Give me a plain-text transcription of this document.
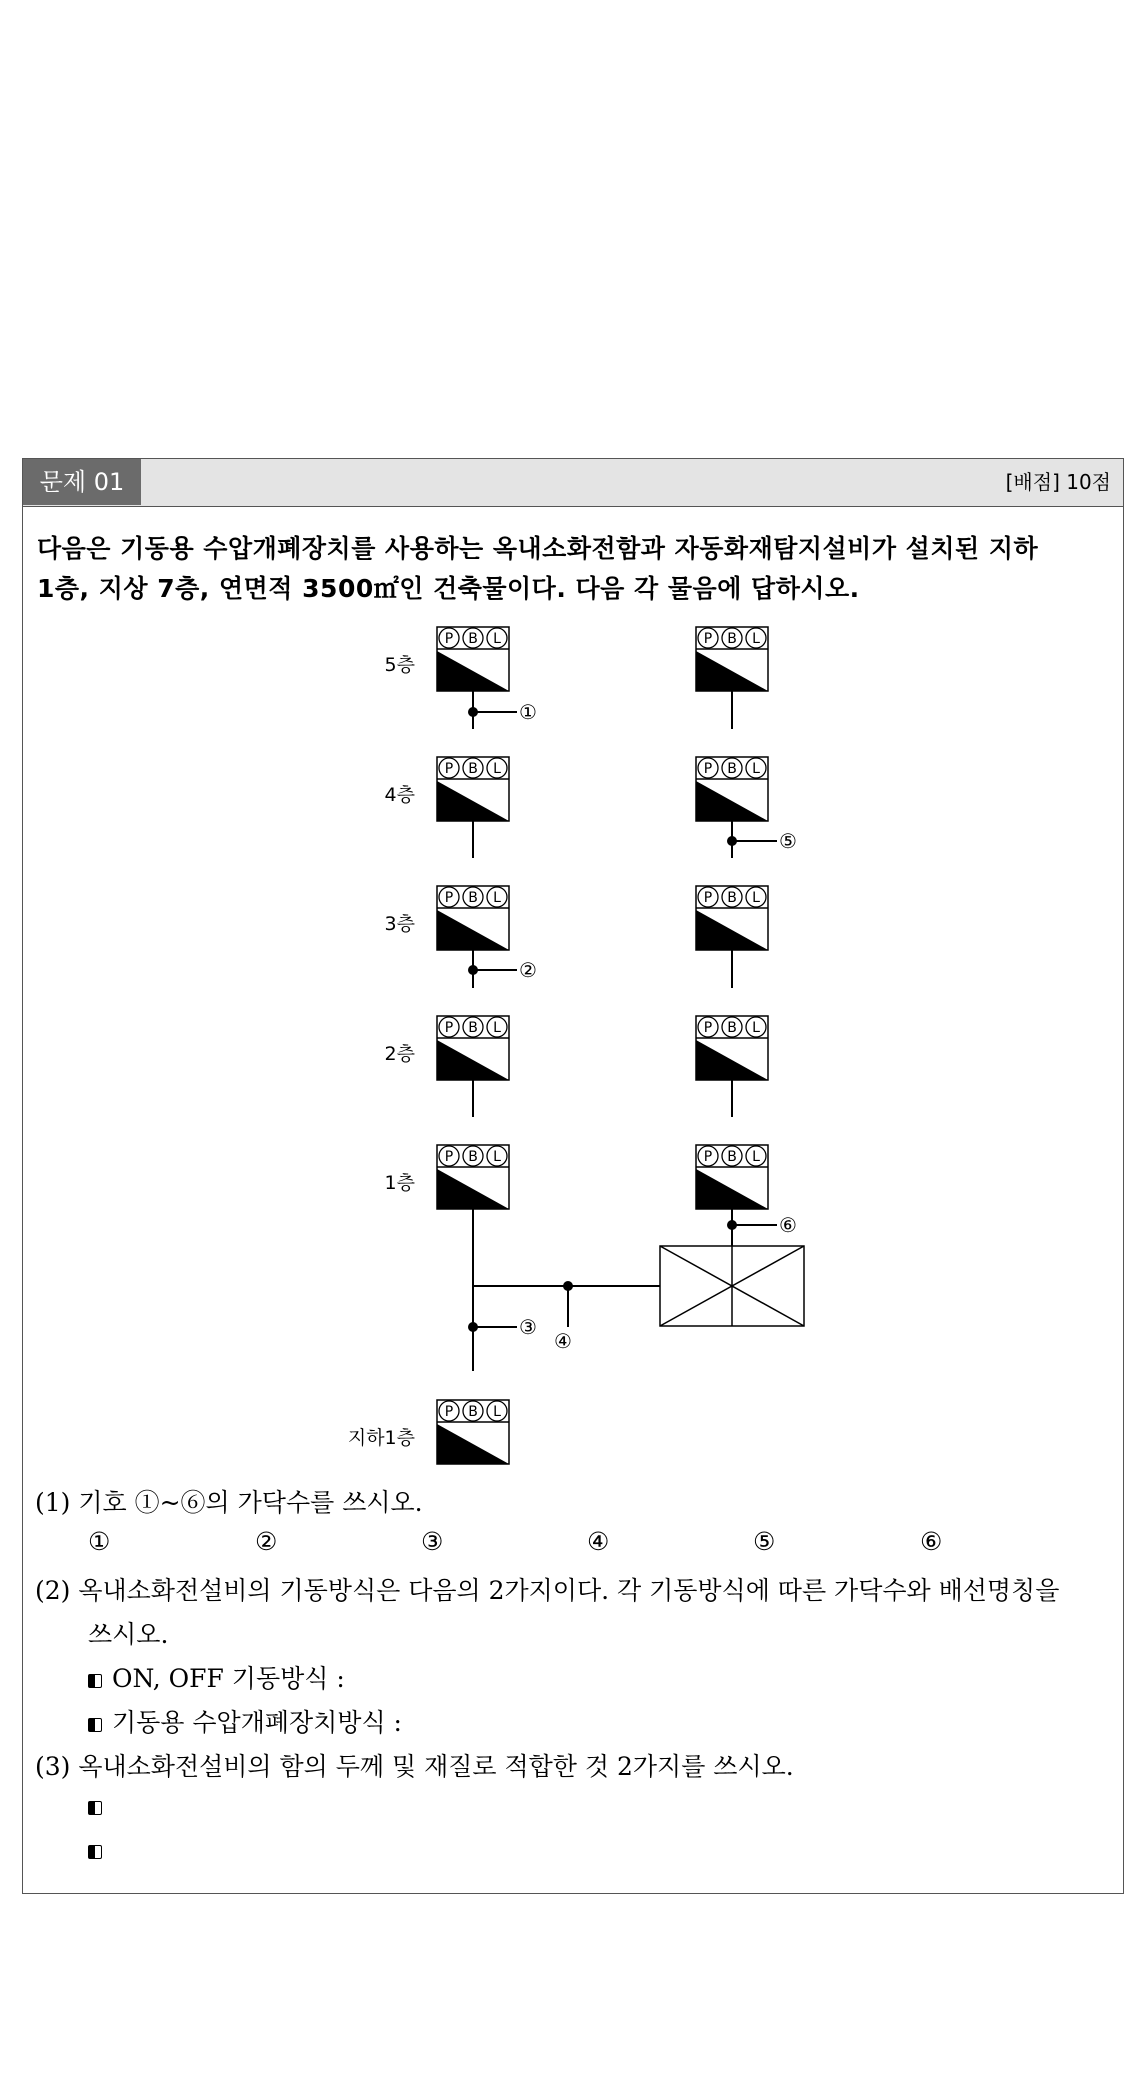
문제 01	[배점] 10점
다음은 기동용 수압개폐장치를 사용하는 옥내소화전함과 자동화재탐지설비가 설치된 지하
1층, 지상 7층, 연면적 3500㎡인 건축물이다. 다음 각 물음에 답하시오.
P B L
P B L
P B L
P B L
P B L
P B L
P B L
P B L
P B L
P B L
P B L
5층
4층
3층
2층
1층
지하1층
①
②
③
④
⑤
⑥
(1) 기호 ①~⑥의 가닥수를 쓰시오.
①	②	③	④	⑤	⑥
(2) 옥내소화전설비의 기동방식은 다음의 2가지이다. 각 기동방식에 따른 가닥수와 배선명칭을
쓰시오.
ON, OFF 기동방식 :
기동용 수압개폐장치방식 :
(3) 옥내소화전설비의 함의 두께 및 재질로 적합한 것 2가지를 쓰시오.
